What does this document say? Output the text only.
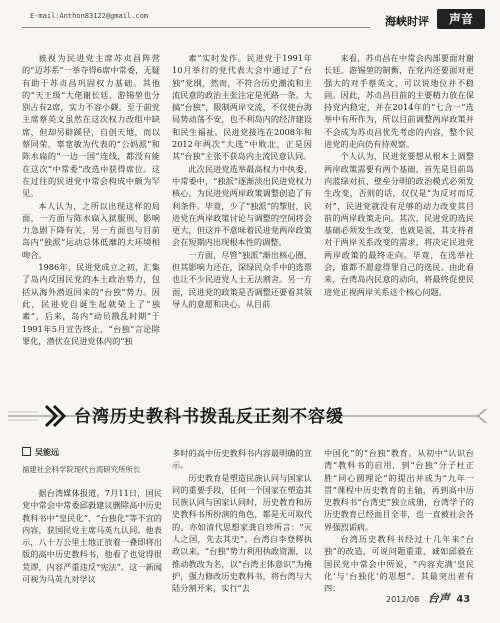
E-mail:Anthon83122@gmail.com	海峡时评	声音

被视为民进党主席苏贞昌阵营的“迈苏系”一举夺得6席中常委，无疑有助于苏贞昌巩固权力基础。其他的“天王级”大佬谢长廷、游锡堃也分别占有2席，实力不容小觑。至于前党主席蔡英文虽然在这次权力改组中缺席，但却另辟蹊径，自创天地，而以蔡同荣、辜宽敏为代表的“公妈派”和陈水扁的“一边一国”连线，都没有能在这次“中常委”改选中获得席位。这在过往的民进党中常会构成中颇为罕见。

本人认为，之所以出现这样的局面，一方面与陈水扁入狱服刑、影响力急剧下降有关，另一方面也与目前岛内“独派”运动总体低靡的大环境相吻合。

1986年，民进党成立之初，汇集了岛内反国民党的本土政治势力，包括从海外潜返回来的“台独”势力。因此，民进党自诞生起就染上了“独素”，后来，岛内“动员戡乱时期”于1991年5月宣告终止，“台独”言论除罪化，潜伏在民进党体内的“独

素”实时发作。民进党于1991年10月举行的党代表大会中通过了“台独”党纲，然而，不符合历史潮流和主流民意的政治主张注定是死路一条。大搞“台独”，限制两岸交流，不仅使台海局势动荡不安，也不利岛内的经济建设和民生福祉。民进党接连在2008年和2012年两次“大选”中败北，正是因其“台独”主张不获岛内主流民意认同。

此次民进党选举最高权力中执委、中常委中，“独派”逐渐淡出民进党权力核心，为民进党两岸政策调整创造了有利条件。毕竟，少了“独派”的掣肘，民进党在两岸政策讨论与调整的空间将会更大，但这并不意味着民进党两岸政策会在短期内出现根本性的调整。

一方面，尽管“独派”渐出核心圈，但其影响力还在，深绿民众手中的选票也让不少民进党人士无法割舍。另一方面，民进党的政策是否调整还要看其领导人的意愿和决心。从目前

来看，苏贞昌在中常会内部要面对谢长廷、游锡堃的制衡，在党内还要面对更强大的对手蔡英文，可以说地位并不稳固。因此，苏贞昌目前的主要精力放在保持党内稳定，并在2014年的“七合一”选举中有所作为，所以目前调整两岸政策并不会成为苏贞昌优先考虑的内容，整个民进党的走向仍有待观察。

个人认为，民进党要想从根本上调整两岸政策需要有两个基础，首先是目前岛内蓝绿对抗、壁垒分明的政治模式必须发生改变，否则的话，仅仅是“为反对而反对”，民进党就没有足够的动力改变其目前的两岸政策走向。其次，民进党的选民基础必须发生改变，也就是说，其支持者对于两岸关系改变的需求，将决定民进党两岸政策的最终走向。毕竟，在选举社会，谁都不愿意得罪自己的选民。由此看来，台湾岛内民意的动向，将最终促使民进党正视两岸关系这个核心问题。

台湾历史教科书拨乱反正刻不容缓
吴能远
福建社会科学院现代台湾研究所所长

据台湾媒体报道，7月11日，国民党中常会中常委邱毅建议删除高中历史教科书中“皇民化”、“台独化”等不宜的内容，获国民党主席马英九认同。他表示，八十万公里土地正放着一叠即将出版的高中历史教科书，他看了也觉得很荒谬，内容严重违反“宪法”。这一新闻可视为马英九对学议

多时的高中历史教科书内容最明确的宣示。

历史教育是塑造民族认同与国家认同的重要手段，任何一个国家在塑造其民族认同与国家认同时，历史教育和历史教科书所扮演的角色，都是无可取代的。亦如清代思想家龚自珍所言：“灭人之国，先去其史”。台湾自李登辉执政以来，“台独”势力利用执政资源，以推动教改为名，以“台湾主体意识”为掩护，强力修改历史教科书，将台湾与大陆分割开来，实行“去

中国化”的“台独”教育。从初中“认识台湾”教科书的启用，到“台独”分子杜正胜“同心圆理论”的提出并成为“九年一贯”课程中历史教育的主轴，再到高中历史教科书“台湾史”独立成册，台湾学子的历史教育已经面目全非，也一直被社会各界强烈诟病。

台湾历史教科书经过十几年来“台独”的改造，可说问题重重，诚如邱毅在国民党中常会中所说，“内容充满‘皇民化’与‘台独化’的思想”。其最突出者有四：

2012/08 台声 43
